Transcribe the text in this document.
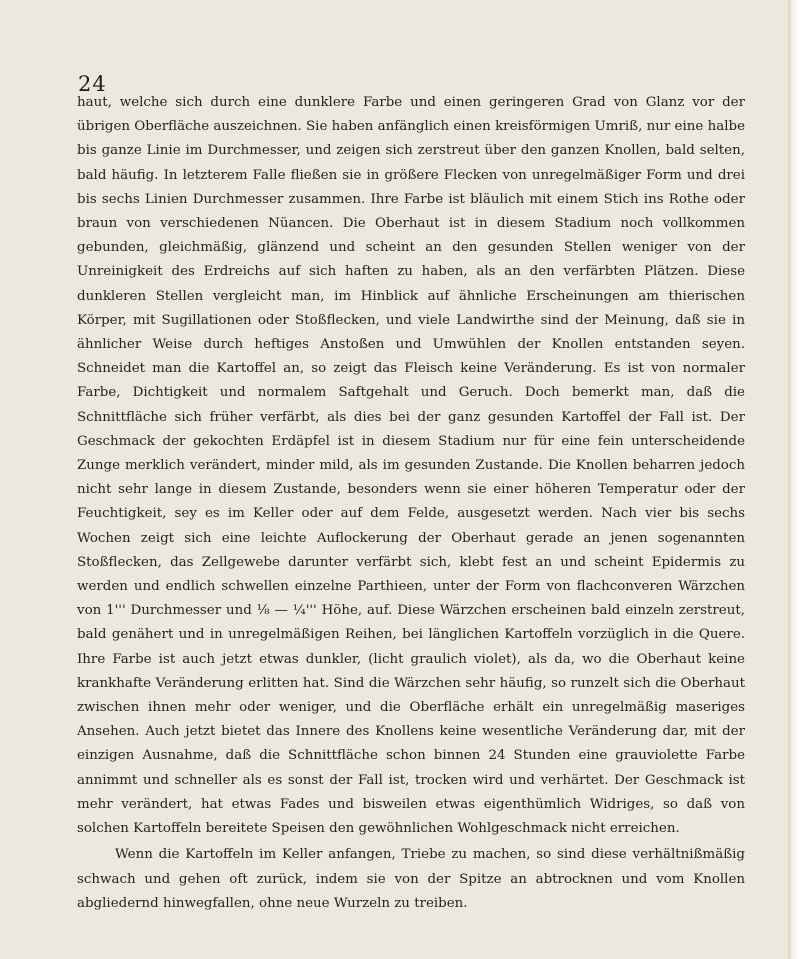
24

haut, welche sich durch eine dunklere Farbe und einen geringeren Grad von Glanz vor der übrigen Oberfläche auszeichnen. Sie haben anfänglich einen kreisförmigen Umriß, nur eine halbe bis ganze Linie im Durchmesser, und zeigen sich zerstreut über den ganzen Knollen, bald selten, bald häufig. In letzterem Falle fließen sie in größere Flecken von unregelmäßiger Form und drei bis sechs Linien Durchmesser zusammen. Ihre Farbe ist bläulich mit einem Stich ins Rothe oder braun von verschiedenen Nüancen. Die Oberhaut ist in diesem Stadium noch vollkommen gebunden, gleichmäßig, glänzend und scheint an den gesunden Stellen weniger von der Unreinigkeit des Erdreichs auf sich haften zu haben, als an den verfärbten Plätzen. Diese dunkleren Stellen vergleicht man, im Hinblick auf ähnliche Erscheinungen am thierischen Körper, mit Sugillationen oder Stoßflecken, und viele Landwirthe sind der Meinung, daß sie in ähnlicher Weise durch heftiges Anstoßen und Umwühlen der Knollen entstanden seyen. Schneidet man die Kartoffel an, so zeigt das Fleisch keine Veränderung. Es ist von normaler Farbe, Dichtigkeit und normalem Saftgehalt und Geruch. Doch bemerkt man, daß die Schnittfläche sich früher verfärbt, als dies bei der ganz gesunden Kartoffel der Fall ist. Der Geschmack der gekochten Erdäpfel ist in diesem Stadium nur für eine fein unterscheidende Zunge merklich verändert, minder mild, als im gesunden Zustande. Die Knollen beharren jedoch nicht sehr lange in diesem Zustande, besonders wenn sie einer höheren Temperatur oder der Feuchtigkeit, sey es im Keller oder auf dem Felde, ausgesetzt werden. Nach vier bis sechs Wochen zeigt sich eine leichte Auflockerung der Oberhaut gerade an jenen sogenannten Stoßflecken, das Zellgewebe darunter verfärbt sich, klebt fest an und scheint Epidermis zu werden und endlich schwellen einzelne Parthieen, unter der Form von flachconveren Wärzchen von 1''' Durchmesser und ⅛ — ¼''' Höhe, auf. Diese Wärzchen erscheinen bald einzeln zerstreut, bald genähert und in unregelmäßigen Reihen, bei länglichen Kartoffeln vorzüglich in die Quere. Ihre Farbe ist auch jetzt etwas dunkler, (licht graulich violet), als da, wo die Oberhaut keine krankhafte Veränderung erlitten hat. Sind die Wärzchen sehr häufig, so runzelt sich die Oberhaut zwischen ihnen mehr oder weniger, und die Oberfläche erhält ein unregelmäßig maseriges Ansehen. Auch jetzt bietet das Innere des Knollens keine wesentliche Veränderung dar, mit der einzigen Ausnahme, daß die Schnittfläche schon binnen 24 Stunden eine grauviolette Farbe annimmt und schneller als es sonst der Fall ist, trocken wird und verhärtet. Der Geschmack ist mehr verändert, hat etwas Fades und bisweilen etwas eigenthümlich Widriges, so daß von solchen Kartoffeln bereitete Speisen den gewöhnlichen Wohlgeschmack nicht erreichen.

Wenn die Kartoffeln im Keller anfangen, Triebe zu machen, so sind diese verhältnißmäßig schwach und gehen oft zurück, indem sie von der Spitze an abtrocknen und vom Knollen abgliedernd hinwegfallen, ohne neue Wurzeln zu treiben.
